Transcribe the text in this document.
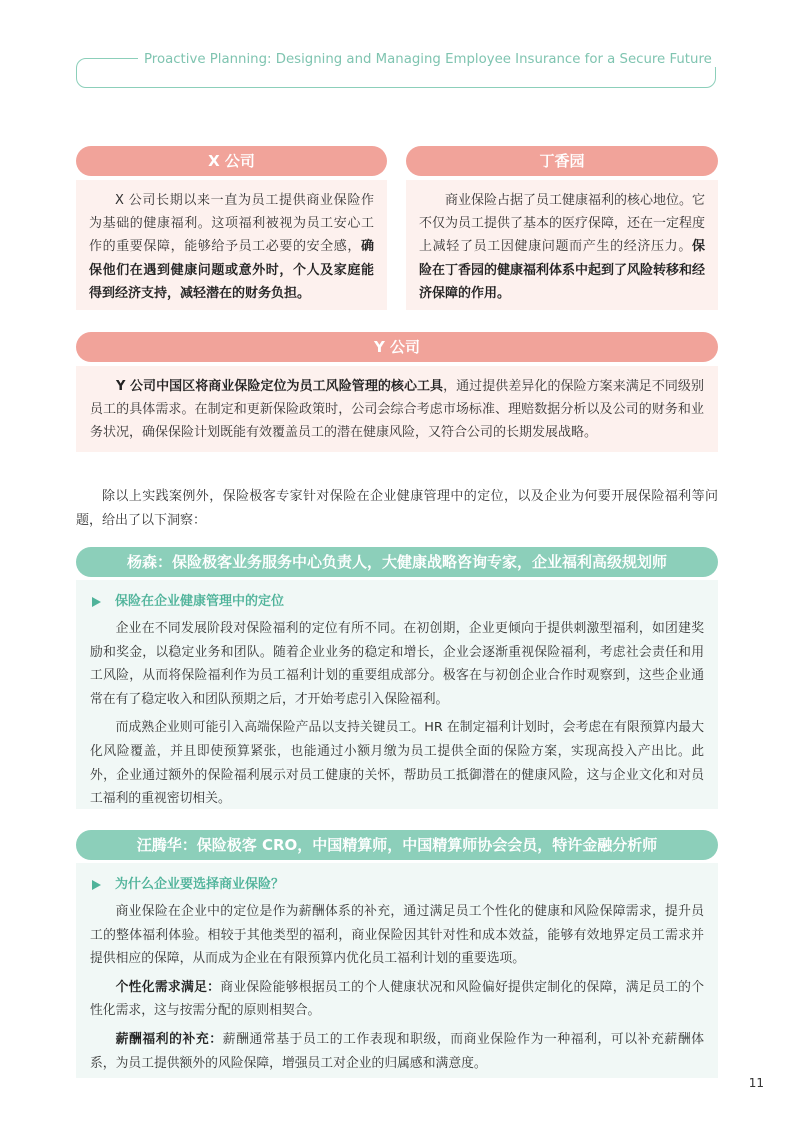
Proactive Planning: Designing and Managing Employee Insurance for a Secure Future
X 公司

X 公司长期以来一直为员工提供商业保险作为基础的健康福利。这项福利被视为员工安心工作的重要保障，能够给予员工必要的安全感，确保他们在遇到健康问题或意外时，个人及家庭能得到经济支持，减轻潜在的财务负担。

丁香园

商业保险占据了员工健康福利的核心地位。它不仅为员工提供了基本的医疗保障，还在一定程度上减轻了员工因健康问题而产生的经济压力。保险在丁香园的健康福利体系中起到了风险转移和经济保障的作用。

Y 公司

Y 公司中国区将商业保险定位为员工风险管理的核心工具，通过提供差异化的保险方案来满足不同级别员工的具体需求。在制定和更新保险政策时，公司会综合考虑市场标准、理赔数据分析以及公司的财务和业务状况，确保保险计划既能有效覆盖员工的潜在健康风险，又符合公司的长期发展战略。

除以上实践案例外，保险极客专家针对保险在企业健康管理中的定位，以及企业为何要开展保险福利等问题，给出了以下洞察：

杨森：保险极客业务服务中心负责人，大健康战略咨询专家，企业福利高级规划师
保险在企业健康管理中的定位

企业在不同发展阶段对保险福利的定位有所不同。在初创期，企业更倾向于提供刺激型福利，如团建奖励和奖金，以稳定业务和团队。随着企业业务的稳定和增长，企业会逐渐重视保险福利，考虑社会责任和用工风险，从而将保险福利作为员工福利计划的重要组成部分。极客在与初创企业合作时观察到，这些企业通常在有了稳定收入和团队预期之后，才开始考虑引入保险福利。

而成熟企业则可能引入高端保险产品以支持关键员工。HR 在制定福利计划时，会考虑在有限预算内最大化风险覆盖，并且即使预算紧张，也能通过小额月缴为员工提供全面的保险方案，实现高投入产出比。此外，企业通过额外的保险福利展示对员工健康的关怀，帮助员工抵御潜在的健康风险，这与企业文化和对员工福利的重视密切相关。

汪腾华：保险极客 CRO，中国精算师，中国精算师协会会员，特许金融分析师
为什么企业要选择商业保险？

商业保险在企业中的定位是作为薪酬体系的补充，通过满足员工个性化的健康和风险保障需求，提升员工的整体福利体验。相较于其他类型的福利，商业保险因其针对性和成本效益，能够有效地界定员工需求并提供相应的保障，从而成为企业在有限预算内优化员工福利计划的重要选项。

个性化需求满足：商业保险能够根据员工的个人健康状况和风险偏好提供定制化的保障，满足员工的个性化需求，这与按需分配的原则相契合。

薪酬福利的补充：薪酬通常基于员工的工作表现和职级，而商业保险作为一种福利，可以补充薪酬体系，为员工提供额外的风险保障，增强员工对企业的归属感和满意度。

11
